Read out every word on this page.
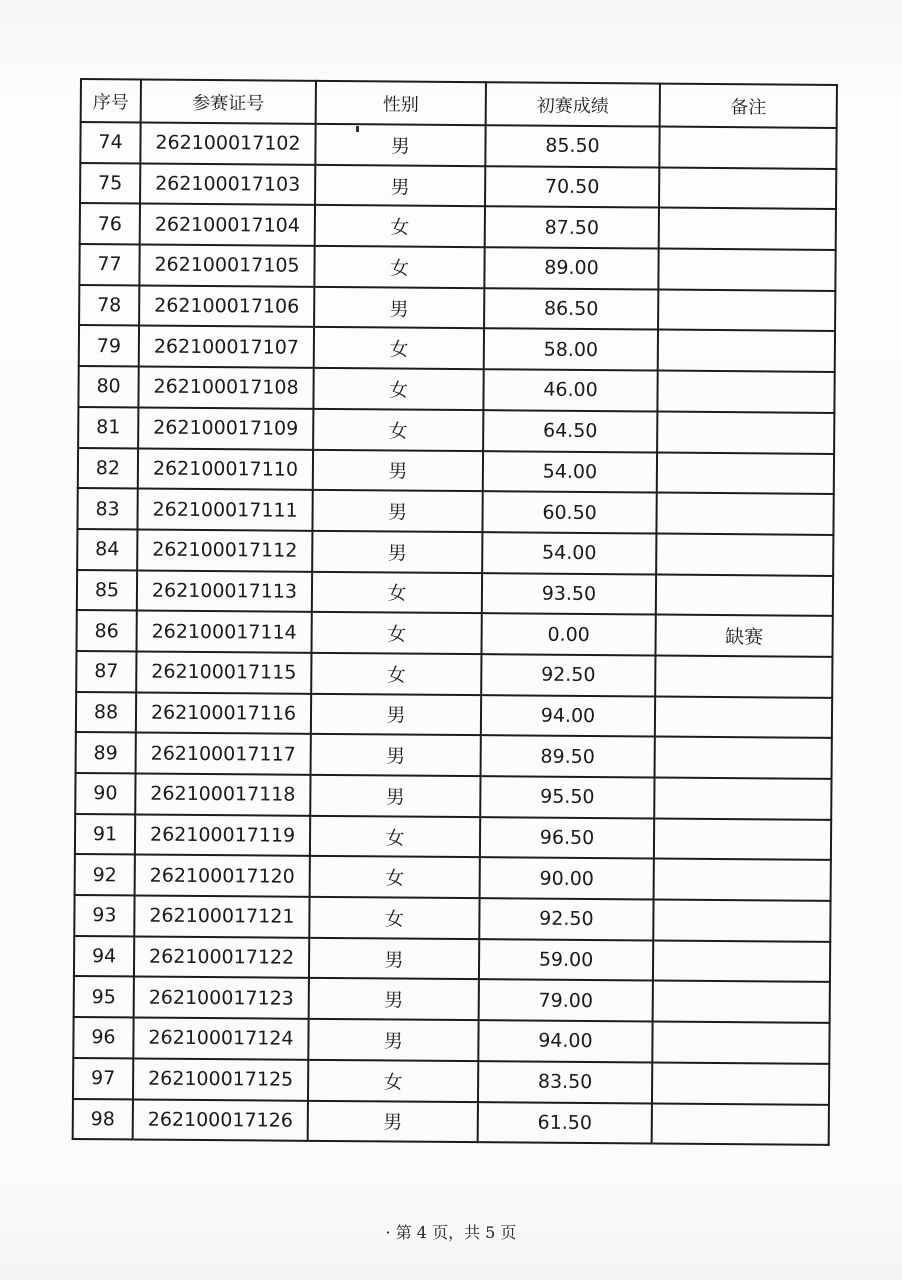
序号	参赛证号	性别	初赛成绩	备注
74	262100017102	男	85.50	
75	262100017103	男	70.50	
76	262100017104	女	87.50	
77	262100017105	女	89.00	
78	262100017106	男	86.50	
79	262100017107	女	58.00	
80	262100017108	女	46.00	
81	262100017109	女	64.50	
82	262100017110	男	54.00	
83	262100017111	男	60.50	
84	262100017112	男	54.00	
85	262100017113	女	93.50	
86	262100017114	女	0.00	缺赛
87	262100017115	女	92.50	
88	262100017116	男	94.00	
89	262100017117	男	89.50	
90	262100017118	男	95.50	
91	262100017119	女	96.50	
92	262100017120	女	90.00	
93	262100017121	女	92.50	
94	262100017122	男	59.00	
95	262100017123	男	79.00	
96	262100017124	男	94.00	
97	262100017125	女	83.50	
98	262100017126	男	61.50	
· 第 4 页，共 5 页
